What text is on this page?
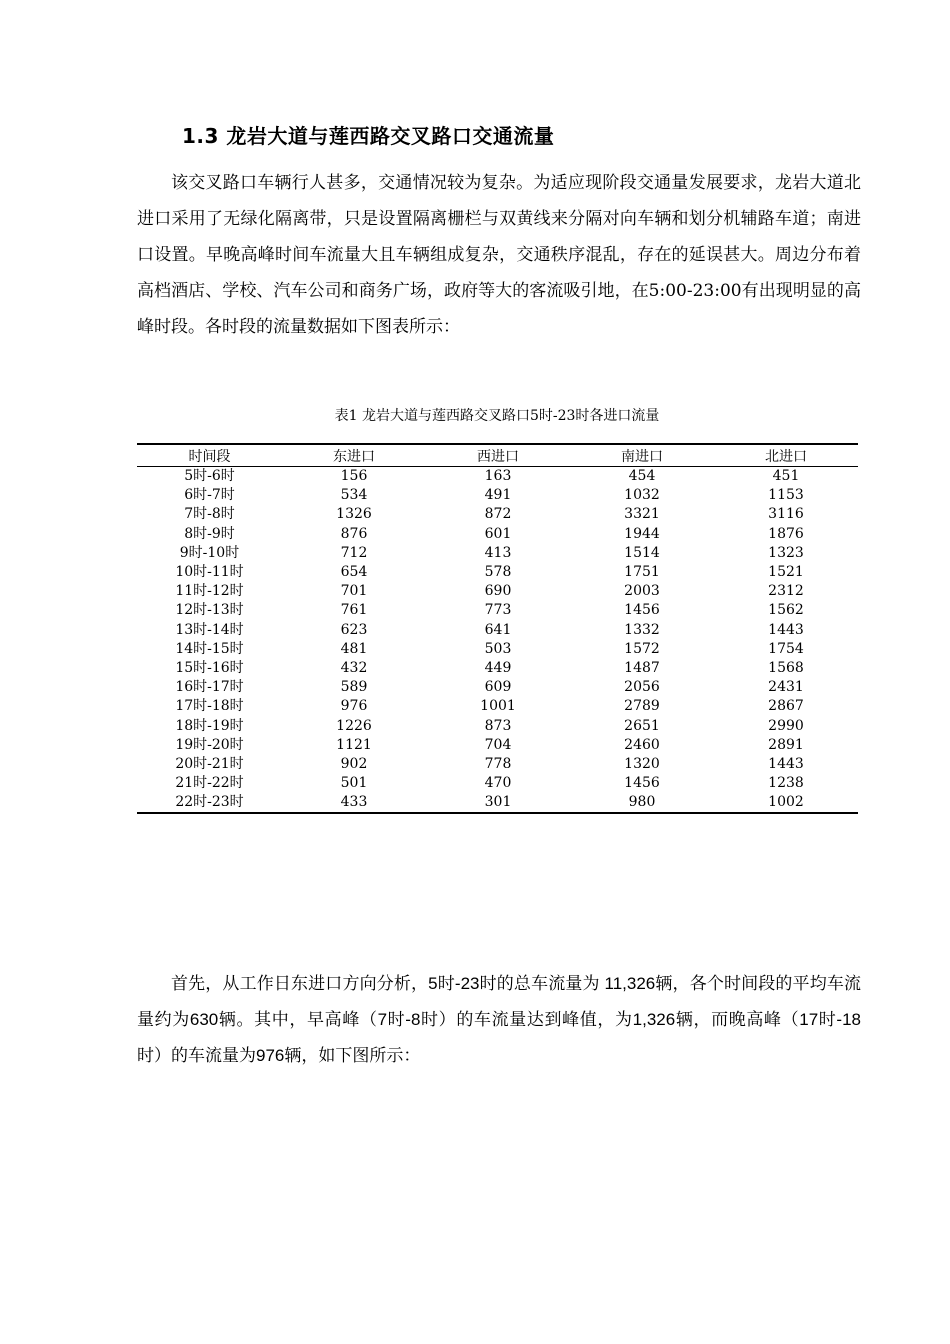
1.3 龙岩大道与莲西路交叉路口交通流量
该交叉路口车辆行人甚多，交通情况较为复杂。为适应现阶段交通量发展要求，龙岩大道北进口采用了无绿化隔离带，只是设置隔离栅栏与双黄线来分隔对向车辆和划分机辅路车道；南进口设置。早晚高峰时间车流量大且车辆组成复杂，交通秩序混乱，存在的延误甚大。周边分布着高档酒店、学校、汽车公司和商务广场，政府等大的客流吸引地，在5:00-23:00有出现明显的高峰时段。各时段的流量数据如下图表所示：
表1 龙岩大道与莲西路交叉路口5时-23时各进口流量
时间段	东进口	西进口	南进口	北进口
5时-6时	156	163	454	451
6时-7时	534	491	1032	1153
7时-8时	1326	872	3321	3116
8时-9时	876	601	1944	1876
9时-10时	712	413	1514	1323
10时-11时	654	578	1751	1521
11时-12时	701	690	2003	2312
12时-13时	761	773	1456	1562
13时-14时	623	641	1332	1443
14时-15时	481	503	1572	1754
15时-16时	432	449	1487	1568
16时-17时	589	609	2056	2431
17时-18时	976	1001	2789	2867
18时-19时	1226	873	2651	2990
19时-20时	1121	704	2460	2891
20时-21时	902	778	1320	1443
21时-22时	501	470	1456	1238
22时-23时	433	301	980	1002
首先，从工作日东进口方向分析，5时-23时的总车流量为 11,326辆，各个时间段的平均车流量约为630辆。其中，早高峰（7时-8时）的车流量达到峰值，为1,326辆，而晚高峰（17时-18时）的车流量为976辆，如下图所示：
